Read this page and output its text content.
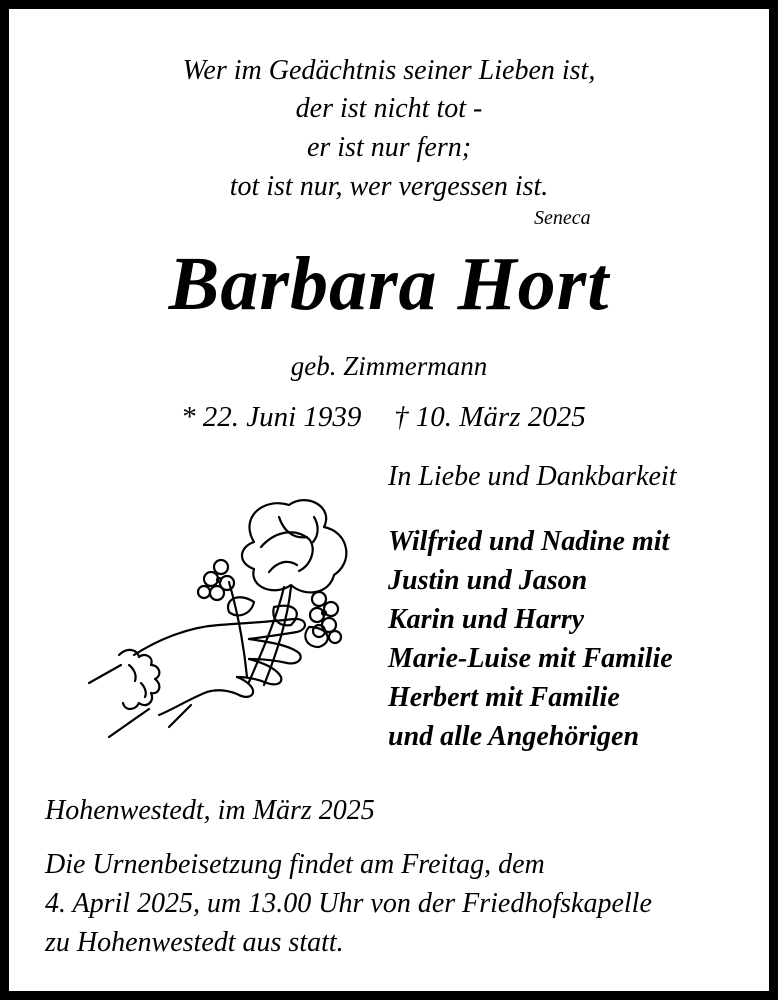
Wer im Gedächtnis seiner Lieben ist,
der ist nicht tot -
er ist nur fern;
tot ist nur, wer vergessen ist.
Seneca
Barbara Hort
geb. Zimmermann
* 22. Juni 1939 † 10. März 2025
In Liebe und Dankbarkeit
Wilfried und Nadine mit
Justin und Jason
Karin und Harry
Marie-Luise mit Familie
Herbert mit Familie
und alle Angehörigen
Hohenwestedt, im März 2025
Die Urnenbeisetzung findet am Freitag, dem
4. April 2025, um 13.00 Uhr von der Friedhofskapelle
zu Hohenwestedt aus statt.
